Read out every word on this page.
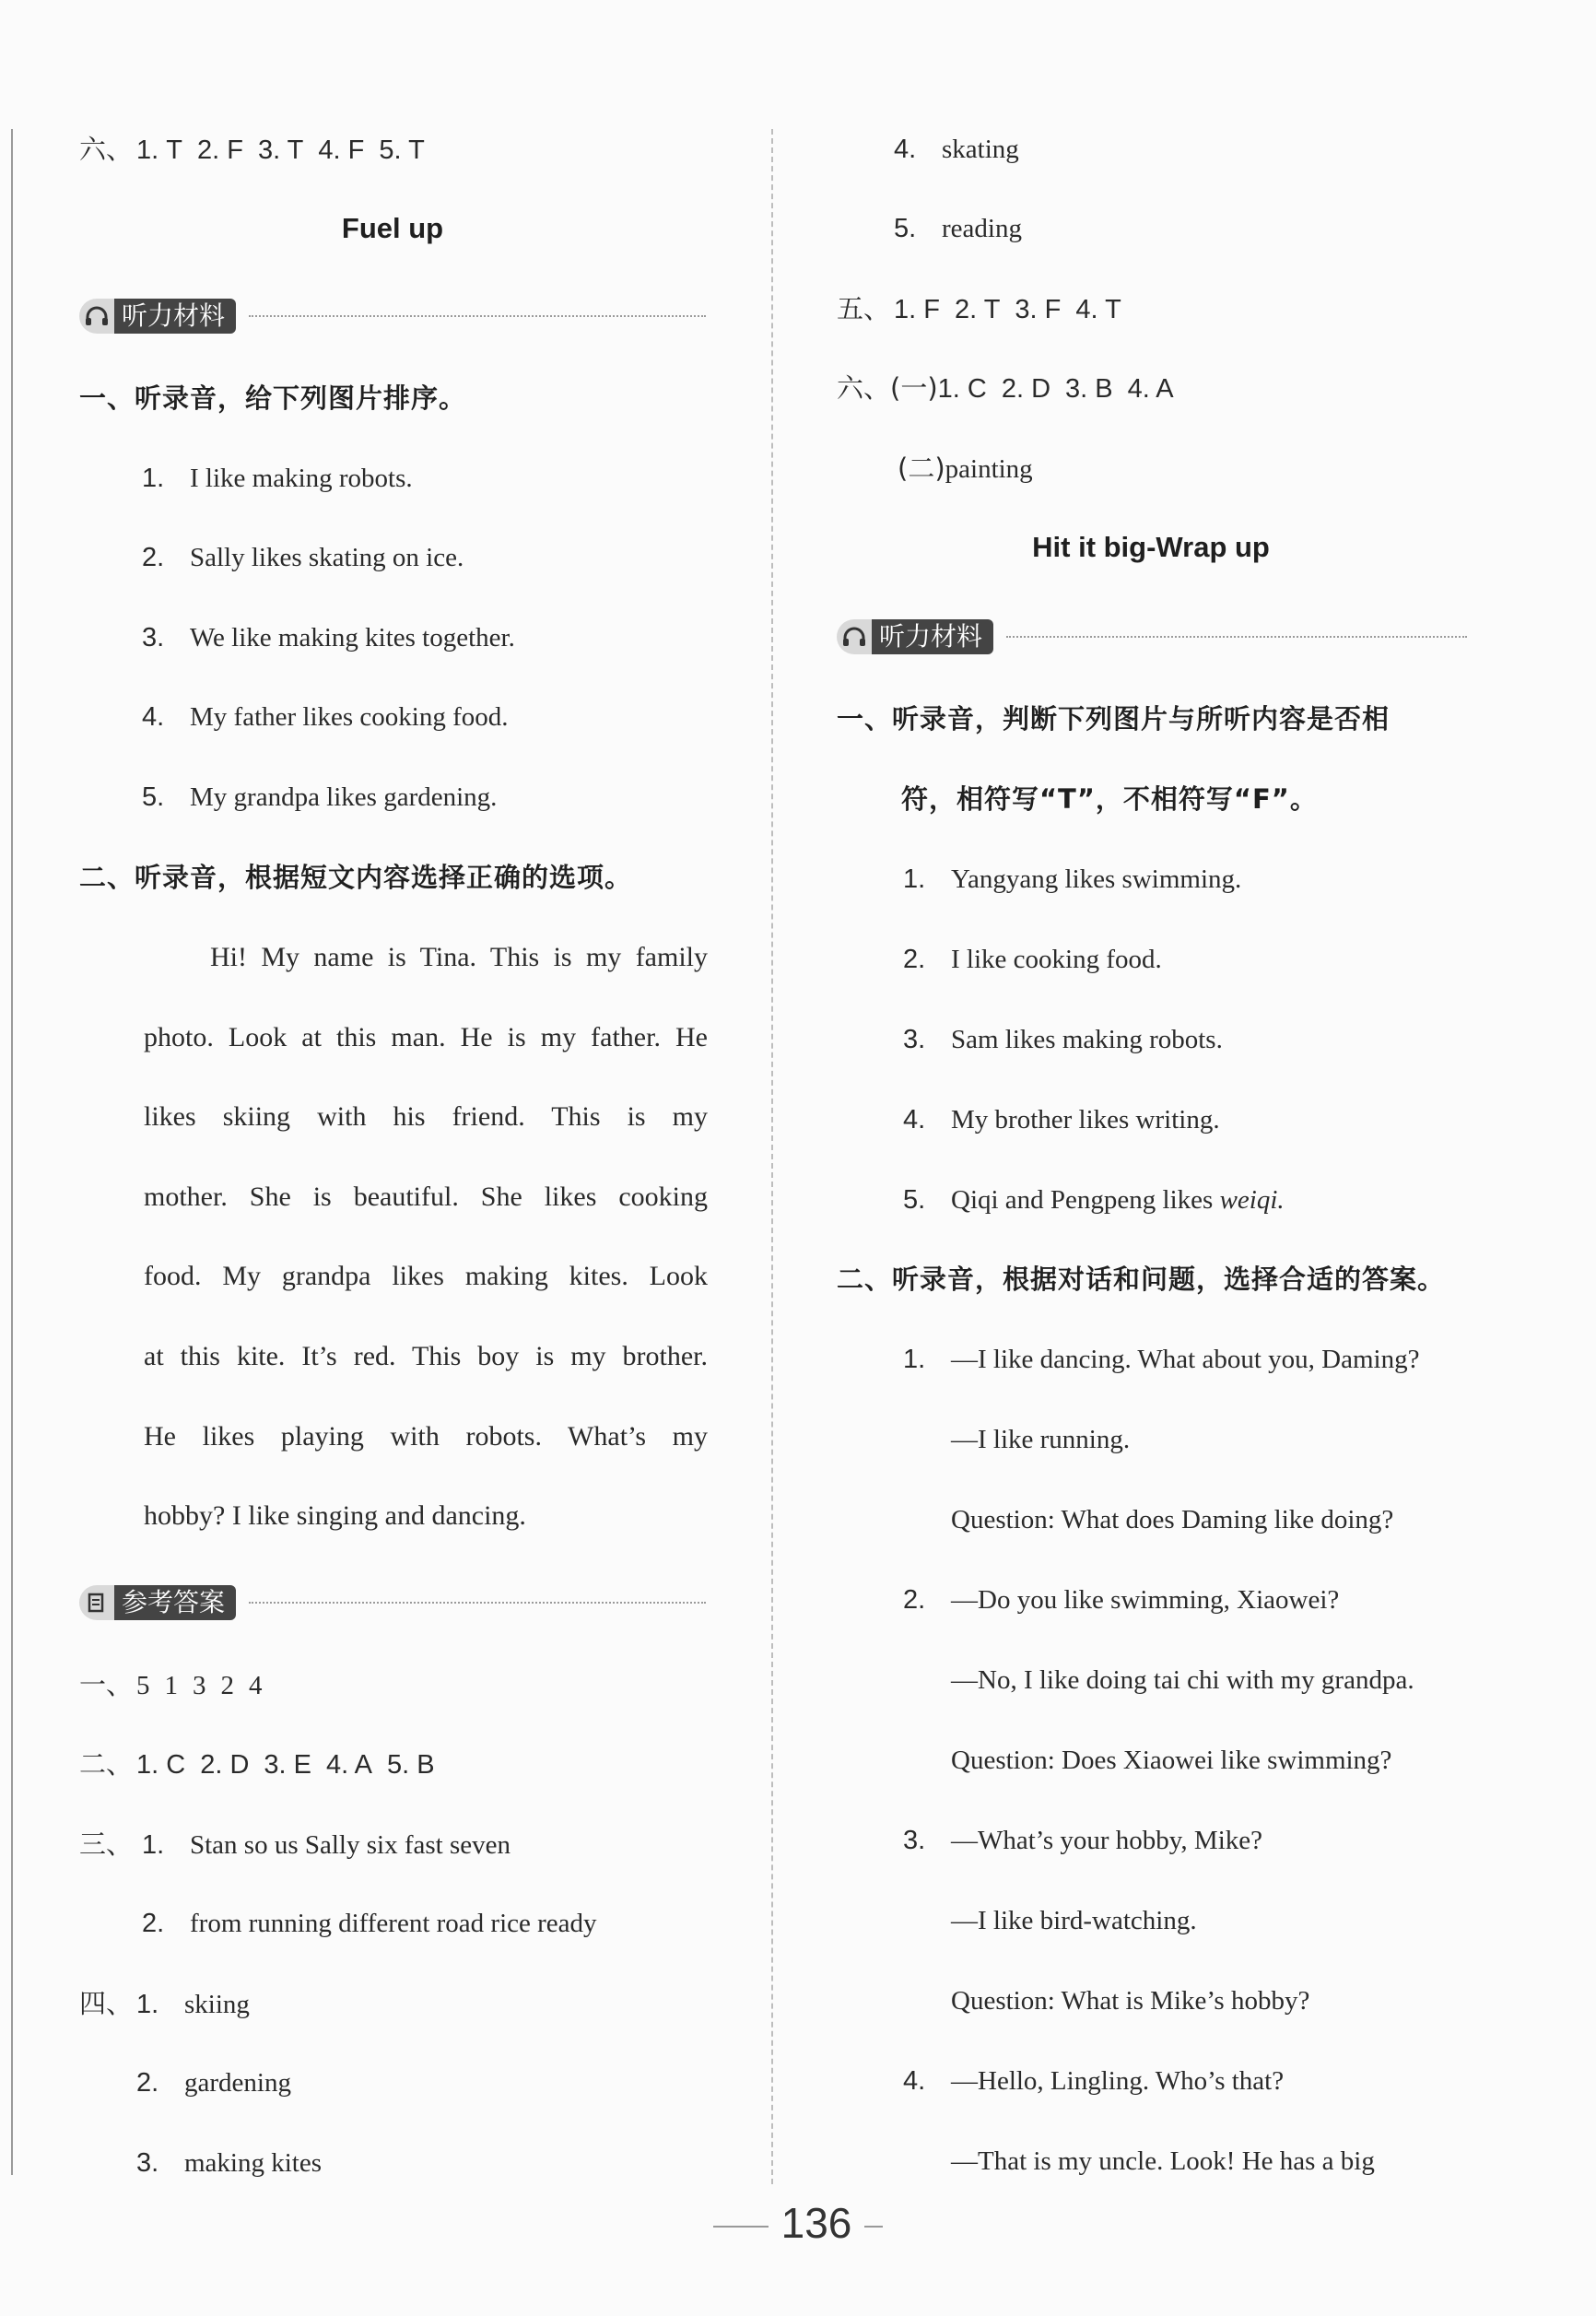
六、 1. T 2. F 3. T 4. F 5. T
Fuel up
听力材料
一、听录音，给下列图片排序。
1. I like making robots.
2. Sally likes skating on ice.
3. We like making kites together.
4. My father likes cooking food.
5. My grandpa likes gardening.
二、听录音，根据短文内容选择正确的选项。
Hi! My name is Tina. This is my family
photo. Look at this man. He is my father. He
likes skiing with his friend. This is my
mother. She is beautiful. She likes cooking
food. My grandpa likes making kites. Look
at this kite. It’s red. This boy is my brother.
He likes playing with robots. What’s my
hobby? I like singing and dancing.
参考答案
一、 5 1 3 2 4
二、 1. C 2. D 3. E 4. A 5. B
三、 1. Stan so us Sally six fast seven
2. from running different road rice ready
四、 1. skiing
2. gardening
3. making kites
4. skating
5. reading
五、 1. F 2. T 3. F 4. T
六、(一)1. C 2. D 3. B 4. A
(二)painting
Hit it big-Wrap up
听力材料
一、听录音，判断下列图片与所听内容是否相
符，相符写“T”，不相符写“F”。
1. Yangyang likes swimming.
2. I like cooking food.
3. Sam likes making robots.
4. My brother likes writing.
5. Qiqi and Pengpeng likes weiqi.
二、听录音，根据对话和问题，选择合适的答案。
1. —I like dancing. What about you, Daming?
—I like running.
Question: What does Daming like doing?
2. —Do you like swimming, Xiaowei?
—No, I like doing tai chi with my grandpa.
Question: Does Xiaowei like swimming?
3. —What’s your hobby, Mike?
—I like bird-watching.
Question: What is Mike’s hobby?
4. —Hello, Lingling. Who’s that?
—That is my uncle. Look! He has a big
136
